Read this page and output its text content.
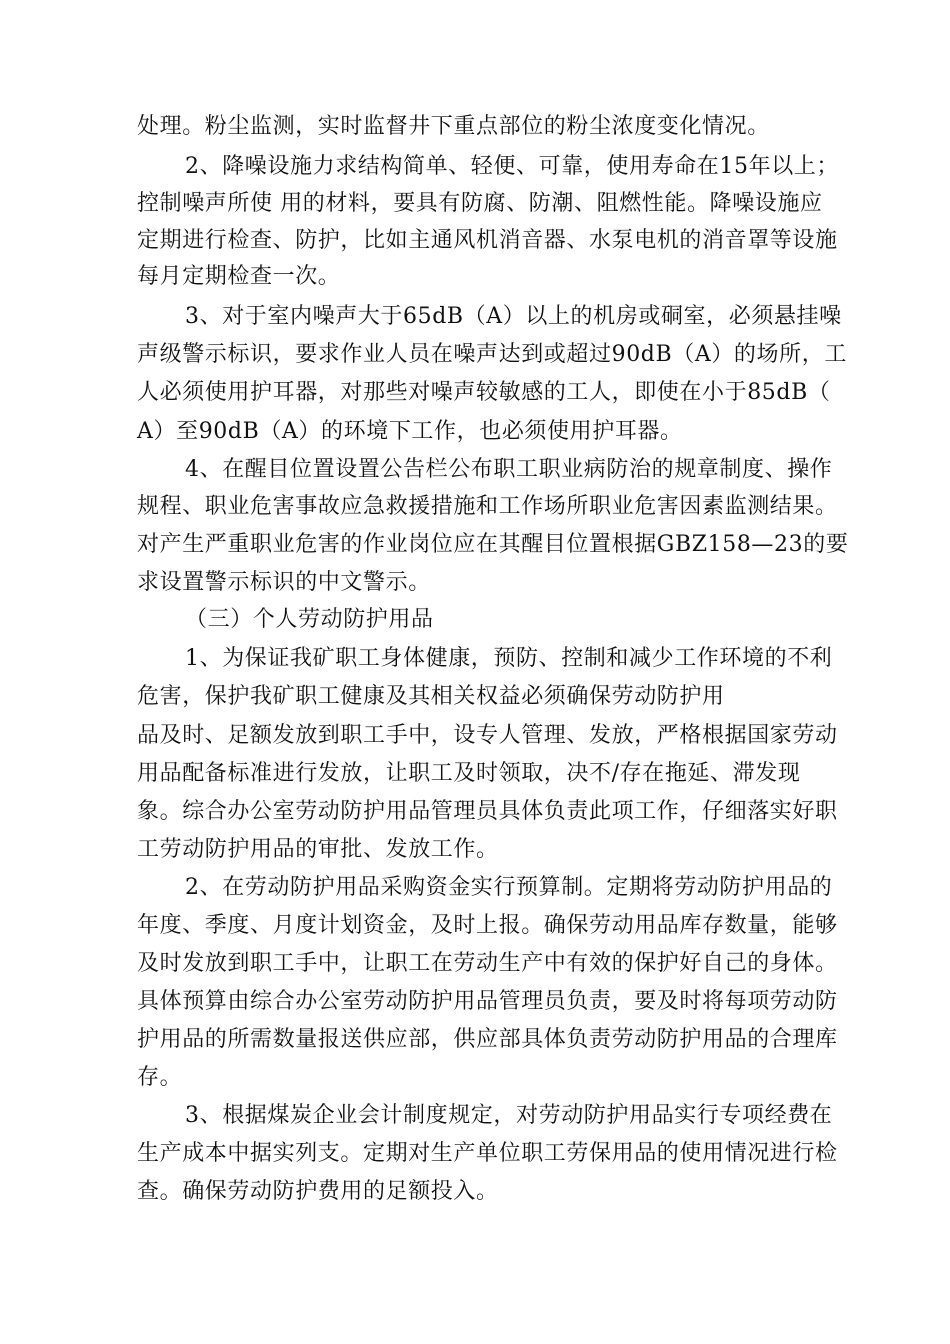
处理。粉尘监测，实时监督井下重点部位的粉尘浓度变化情况。
2、降噪设施力求结构简单、轻便、可靠，使用寿命在15年以上；
控制噪声所使 用的材料，要具有防腐、防潮、阻燃性能。降噪设施应
定期进行检查、防护，比如主通风机消音器、水泵电机的消音罩等设施
每月定期检查一次。
3、对于室内噪声大于65dB（A）以上的机房或硐室，必须悬挂噪
声级警示标识，要求作业人员在噪声达到或超过90dB（A）的场所，工
人必须使用护耳器，对那些对噪声较敏感的工人，即使在小于85dB（
A）至90dB（A）的环境下工作，也必须使用护耳器。
4、在醒目位置设置公告栏公布职工职业病防治的规章制度、操作
规程、职业危害事故应急救援措施和工作场所职业危害因素监测结果。
对产生严重职业危害的作业岗位应在其醒目位置根据GBZ158—23的要
求设置警示标识的中文警示。
（三）个人劳动防护用品
1、为保证我矿职工身体健康，预防、控制和减少工作环境的不利
危害，保护我矿职工健康及其相关权益必须确保劳动防护用
品及时、足额发放到职工手中，设专人管理、发放，严格根据国家劳动
用品配备标准进行发放，让职工及时领取，决不/存在拖延、滞发现
象。综合办公室劳动防护用品管理员具体负责此项工作，仔细落实好职
工劳动防护用品的审批、发放工作。
2、在劳动防护用品采购资金实行预算制。定期将劳动防护用品的
年度、季度、月度计划资金，及时上报。确保劳动用品库存数量，能够
及时发放到职工手中，让职工在劳动生产中有效的保护好自己的身体。
具体预算由综合办公室劳动防护用品管理员负责，要及时将每项劳动防
护用品的所需数量报送供应部，供应部具体负责劳动防护用品的合理库
存。
3、根据煤炭企业会计制度规定，对劳动防护用品实行专项经费在
生产成本中据实列支。定期对生产单位职工劳保用品的使用情况进行检
查。确保劳动防护费用的足额投入。
